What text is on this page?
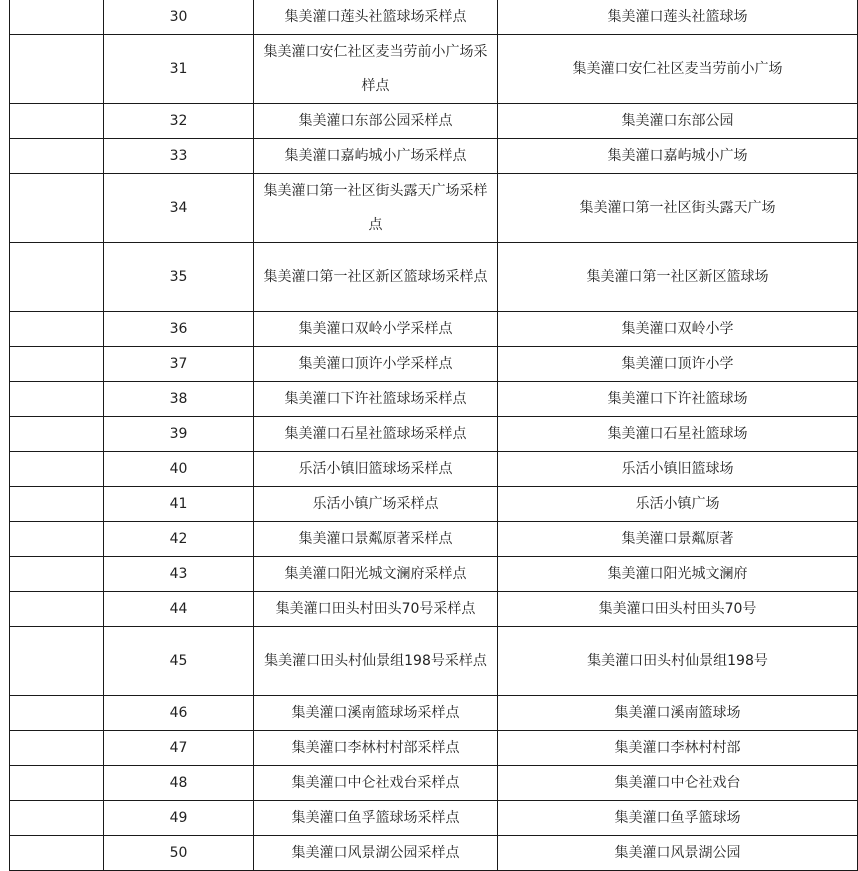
	30	集美灌口莲头社篮球场采样点	集美灌口莲头社篮球场
	31	集美灌口安仁社区麦当劳前小广场采样点	集美灌口安仁社区麦当劳前小广场
	32	集美灌口东部公园采样点	集美灌口东部公园
	33	集美灌口嘉屿城小广场采样点	集美灌口嘉屿城小广场
	34	集美灌口第一社区街头露天广场采样点	集美灌口第一社区街头露天广场
	35	集美灌口第一社区新区篮球场采样点	集美灌口第一社区新区篮球场
	36	集美灌口双岭小学采样点	集美灌口双岭小学
	37	集美灌口顶许小学采样点	集美灌口顶许小学
	38	集美灌口下许社篮球场采样点	集美灌口下许社篮球场
	39	集美灌口石星社篮球场采样点	集美灌口石星社篮球场
	40	乐活小镇旧篮球场采样点	乐活小镇旧篮球场
	41	乐活小镇广场采样点	乐活小镇广场
	42	集美灌口景粼原著采样点	集美灌口景粼原著
	43	集美灌口阳光城文澜府采样点	集美灌口阳光城文澜府
	44	集美灌口田头村田头70号采样点	集美灌口田头村田头70号
	45	集美灌口田头村仙景组198号采样点	集美灌口田头村仙景组198号
	46	集美灌口溪南篮球场采样点	集美灌口溪南篮球场
	47	集美灌口李林村村部采样点	集美灌口李林村村部
	48	集美灌口中仑社戏台采样点	集美灌口中仑社戏台
	49	集美灌口鱼孚篮球场采样点	集美灌口鱼孚篮球场
	50	集美灌口风景湖公园采样点	集美灌口风景湖公园
